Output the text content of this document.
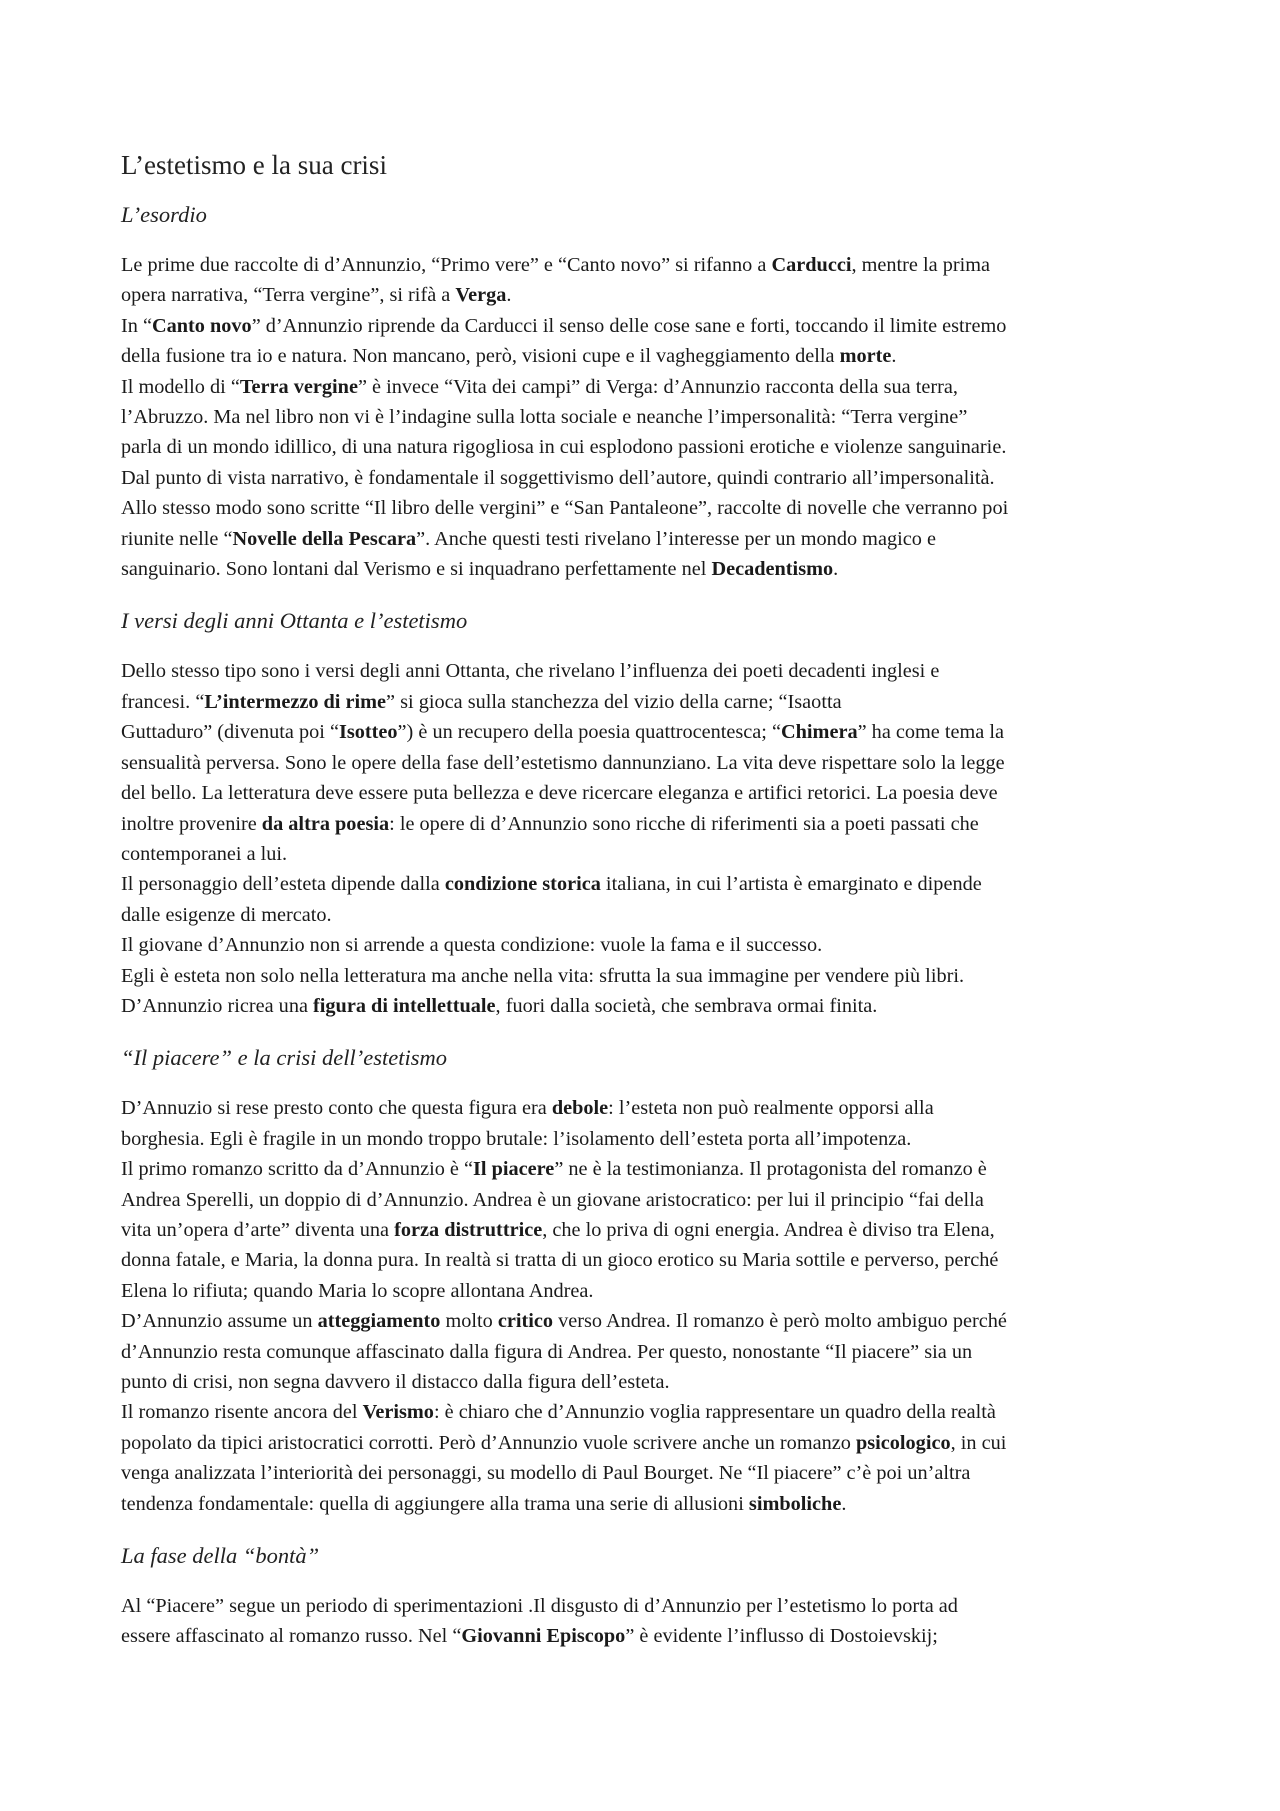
L’estetismo e la sua crisi
L’esordio
Le prime due raccolte di d’Annunzio, “Primo vere” e “Canto novo” si rifanno a Carducci, mentre la prima
opera narrativa, “Terra vergine”, si rifà a Verga.
In “Canto novo” d’Annunzio riprende da Carducci il senso delle cose sane e forti, toccando il limite estremo
della fusione tra io e natura. Non mancano, però, visioni cupe e il vagheggiamento della morte.
Il modello di “Terra vergine” è invece “Vita dei campi” di Verga: d’Annunzio racconta della sua terra,
l’Abruzzo. Ma nel libro non vi è l’indagine sulla lotta sociale e neanche l’impersonalità: “Terra vergine”
parla di un mondo idillico, di una natura rigogliosa in cui esplodono passioni erotiche e violenze sanguinarie.
Dal punto di vista narrativo, è fondamentale il soggettivismo dell’autore, quindi contrario all’impersonalità.
Allo stesso modo sono scritte “Il libro delle vergini” e “San Pantaleone”, raccolte di novelle che verranno poi
riunite nelle “Novelle della Pescara”. Anche questi testi rivelano l’interesse per un mondo magico e
sanguinario. Sono lontani dal Verismo e si inquadrano perfettamente nel Decadentismo.
I versi degli anni Ottanta e l’estetismo
Dello stesso tipo sono i versi degli anni Ottanta, che rivelano l’influenza dei poeti decadenti inglesi e
francesi. “L’intermezzo di rime” si gioca sulla stanchezza del vizio della carne; “Isaotta
Guttaduro” (divenuta poi “Isotteo”) è un recupero della poesia quattrocentesca; “Chimera” ha come tema la
sensualità perversa. Sono le opere della fase dell’estetismo dannunziano. La vita deve rispettare solo la legge
del bello. La letteratura deve essere puta bellezza e deve ricercare eleganza e artifici retorici. La poesia deve
inoltre provenire da altra poesia: le opere di d’Annunzio sono ricche di riferimenti sia a poeti passati che
contemporanei a lui.
Il personaggio dell’esteta dipende dalla condizione storica italiana, in cui l’artista è emarginato e dipende
dalle esigenze di mercato.
Il giovane d’Annunzio non si arrende a questa condizione: vuole la fama e il successo.
Egli è esteta non solo nella letteratura ma anche nella vita: sfrutta la sua immagine per vendere più libri.
D’Annunzio ricrea una figura di intellettuale, fuori dalla società, che sembrava ormai finita.
“Il piacere” e la crisi dell’estetismo
D’Annuzio si rese presto conto che questa figura era debole: l’esteta non può realmente opporsi alla
borghesia. Egli è fragile in un mondo troppo brutale: l’isolamento dell’esteta porta all’impotenza.
Il primo romanzo scritto da d’Annunzio è “Il piacere” ne è la testimonianza. Il protagonista del romanzo è
Andrea Sperelli, un doppio di d’Annunzio. Andrea è un giovane aristocratico: per lui il principio “fai della
vita un’opera d’arte” diventa una forza distruttrice, che lo priva di ogni energia. Andrea è diviso tra Elena,
donna fatale, e Maria, la donna pura. In realtà si tratta di un gioco erotico su Maria sottile e perverso, perché
Elena lo rifiuta; quando Maria lo scopre allontana Andrea.
D’Annunzio assume un atteggiamento molto critico verso Andrea. Il romanzo è però molto ambiguo perché
d’Annunzio resta comunque affascinato dalla figura di Andrea. Per questo, nonostante “Il piacere” sia un
punto di crisi, non segna davvero il distacco dalla figura dell’esteta.
Il romanzo risente ancora del Verismo: è chiaro che d’Annunzio voglia rappresentare un quadro della realtà
popolato da tipici aristocratici corrotti. Però d’Annunzio vuole scrivere anche un romanzo psicologico, in cui
venga analizzata l’interiorità dei personaggi, su modello di Paul Bourget. Ne “Il piacere” c’è poi un’altra
tendenza fondamentale: quella di aggiungere alla trama una serie di allusioni simboliche.
La fase della “bontà”
Al “Piacere” segue un periodo di sperimentazioni .Il disgusto di d’Annunzio per l’estetismo lo porta ad
essere affascinato al romanzo russo. Nel “Giovanni Episcopo” è evidente l’influsso di Dostoievskij;
